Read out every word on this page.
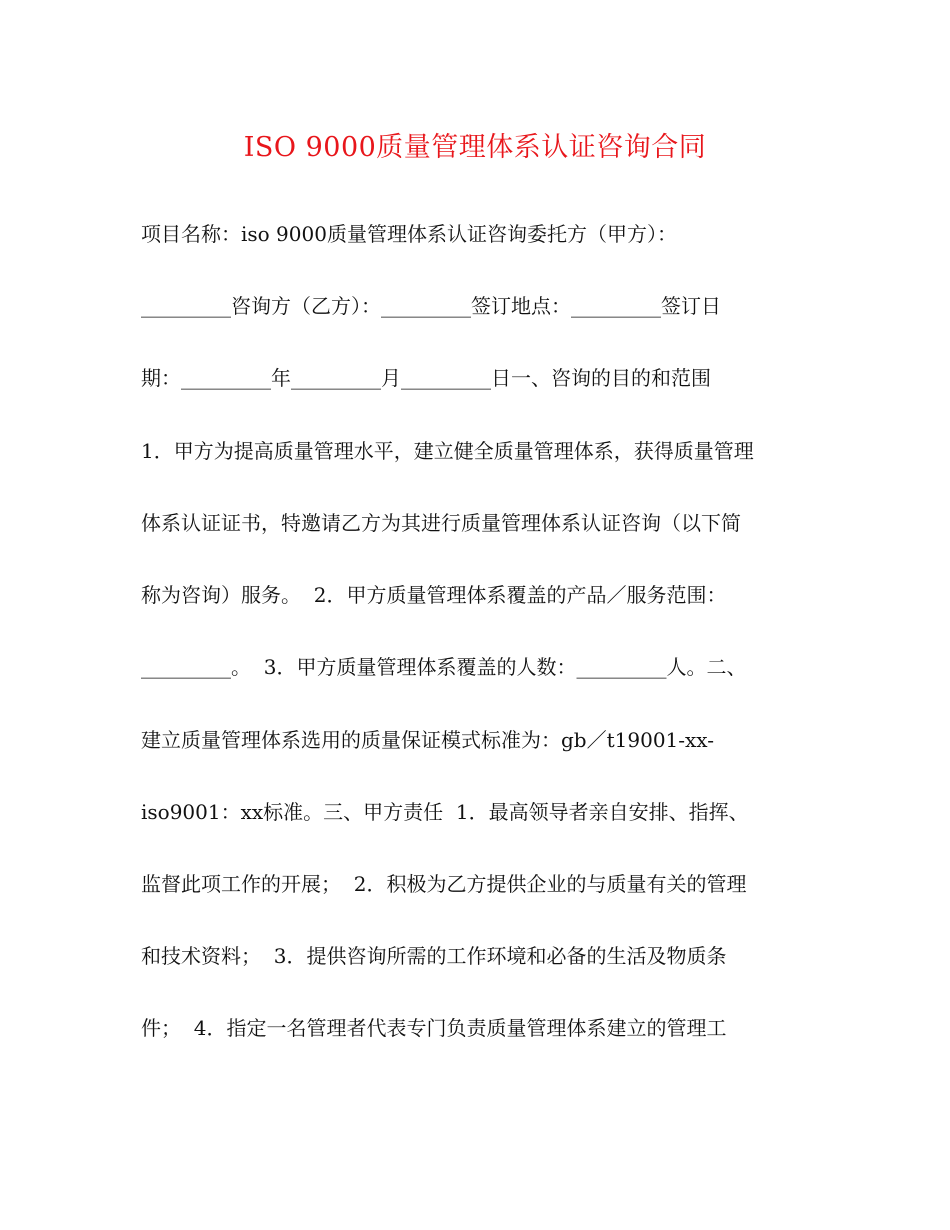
ISO 9000质量管理体系认证咨询合同
项目名称：iso 9000质量管理体系认证咨询委托方（甲方）：
_________咨询方（乙方）：_________签订地点：_________签订日
期：_________年_________月_________日一、咨询的目的和范围
1．甲方为提高质量管理水平，建立健全质量管理体系，获得质量管理
体系认证证书，特邀请乙方为其进行质量管理体系认证咨询（以下简
称为咨询）服务。  2．甲方质量管理体系覆盖的产品／服务范围：
_________。  3．甲方质量管理体系覆盖的人数：_________人。二、
建立质量管理体系选用的质量保证模式标准为：gb／t19001-xx-
iso9001：xx标准。三、甲方责任  1．最高领导者亲自安排、指挥、
监督此项工作的开展；  2．积极为乙方提供企业的与质量有关的管理
和技术资料；  3．提供咨询所需的工作环境和必备的生活及物质条
件；  4．指定一名管理者代表专门负责质量管理体系建立的管理工
